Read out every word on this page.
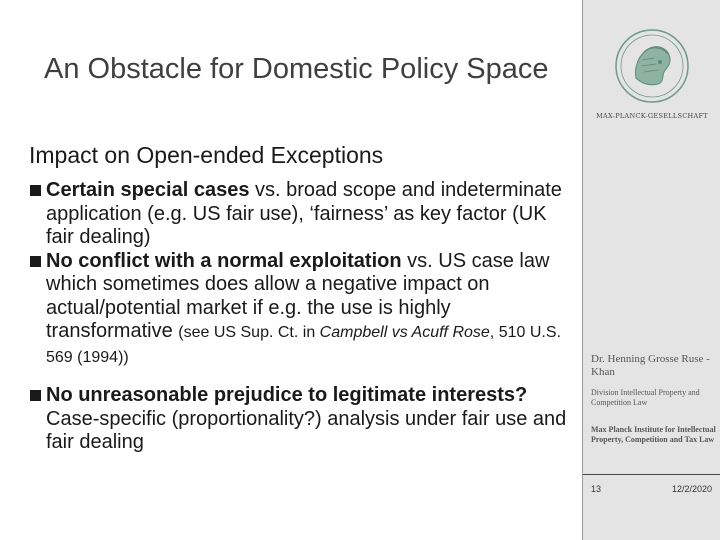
An Obstacle for Domestic Policy Space
Impact on Open-ended Exceptions
Certain special cases vs. broad scope and indeterminate application (e.g. US fair use), ‘fairness’ as key factor (UK fair dealing)
No conflict with a normal exploitation vs. US case law which sometimes does allow a negative impact on actual/potential market if e.g. the use is highly transformative (see US Sup. Ct. in Campbell vs Acuff Rose, 510 U.S. 569 (1994))
No unreasonable prejudice to legitimate interests? Case-specific (proportionality?) analysis under fair use and fair dealing
MAX-PLANCK-GESELLSCHAFT
Dr. Henning Grosse Ruse - Khan
Division Intellectual Property and Competition Law
Max Planck Institute for Intellectual Property, Competition and Tax Law
13	12/2/2020
